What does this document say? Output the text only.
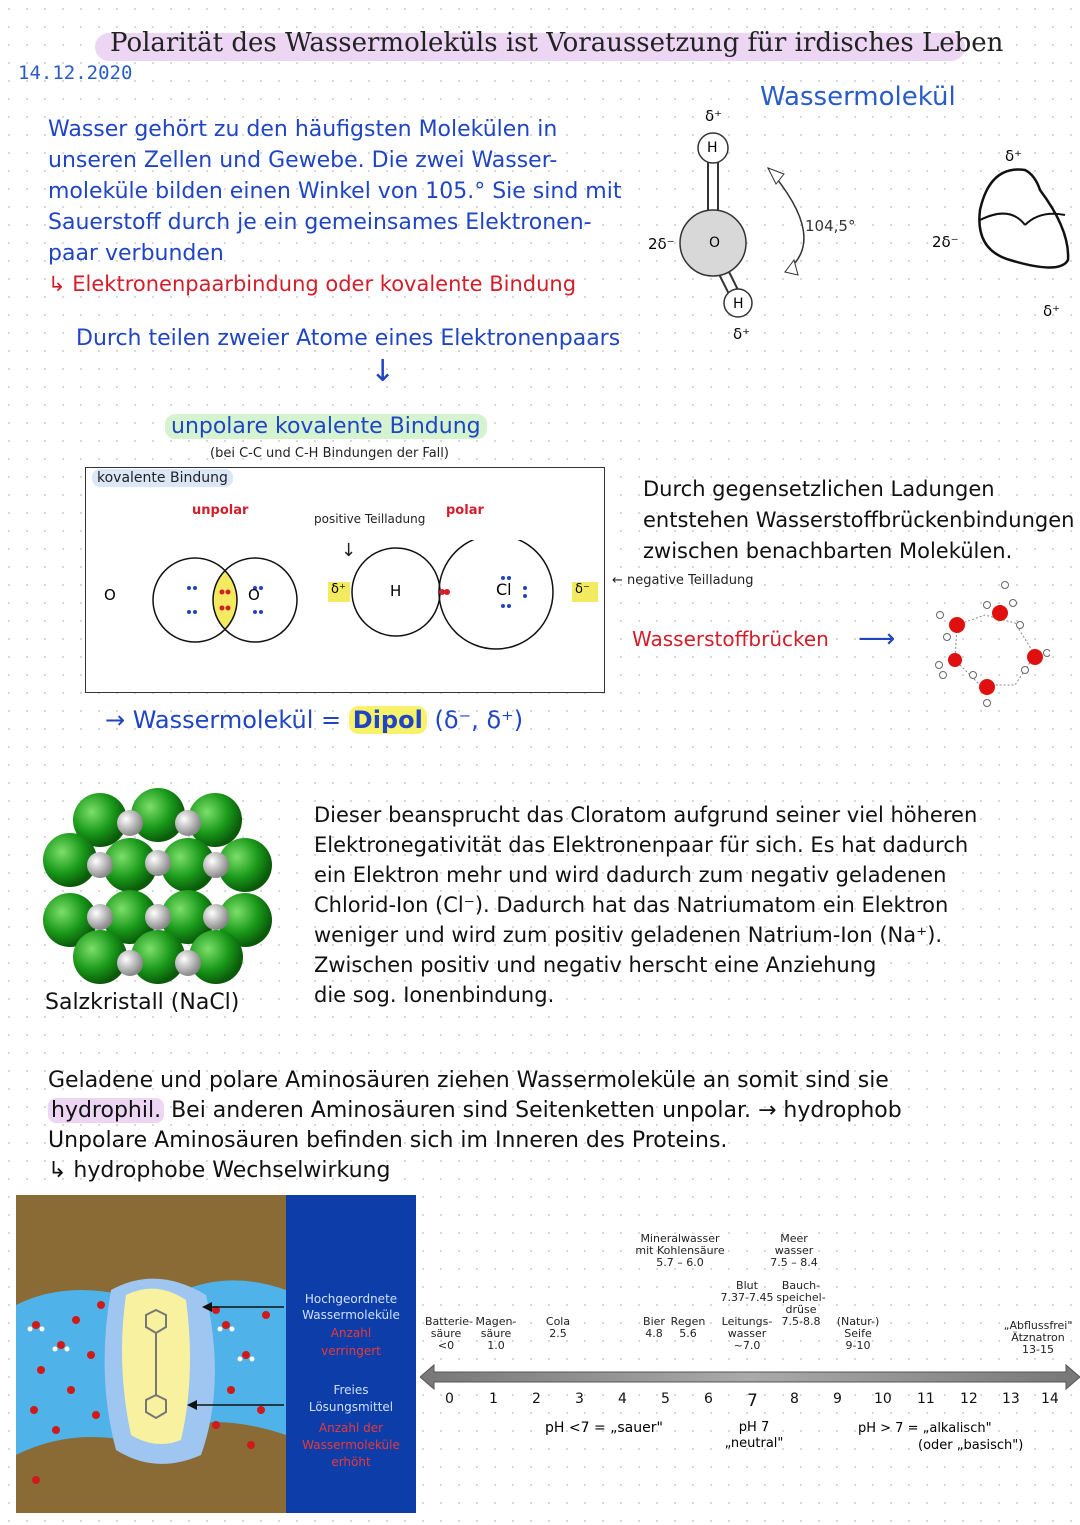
Polarität des Wassermoleküls ist Voraussetzung für irdisches Leben
14.12.2020
Wasser gehört zu den häufigsten Molekülen in
unseren Zellen und Gewebe. Die zwei Wasser-
moleküle bilden einen Winkel von 105.° Sie sind mit
Sauerstoff durch je ein gemeinsames Elektronen-
paar verbunden
↳ Elektronenpaarbindung oder kovalente Bindung
Wassermolekül
δ⁺
H
O
H
δ⁺
2δ⁻
104,5°
δ⁺
2δ⁻
δ⁺
Durch teilen zweier Atome eines Elektronenpaars
↓
unpolare kovalente Bindung
(bei C-C und C-H Bindungen der Fall)
kovalente Bindung
unpolar	polar
positive Teilladung
↓
O	O	H	Cl
δ⁺	δ⁻
← negative Teilladung
→ Wassermolekül = Dipol (δ⁻, δ⁺)
Durch gegensetzlichen Ladungen
entstehen Wasserstoffbrückenbindungen
zwischen benachbarten Molekülen.
Wasserstoffbrücken ⟶
Salzkristall (NaCl)
Dieser beansprucht das Cloratom aufgrund seiner viel höheren
Elektronegativität das Elektronenpaar für sich. Es hat dadurch
ein Elektron mehr und wird dadurch zum negativ geladenen
Chlorid-Ion (Cl⁻). Dadurch hat das Natriumatom ein Elektron
weniger und wird zum positiv geladenen Natrium-Ion (Na⁺).
Zwischen positiv und negativ herscht eine Anziehung
die sog. Ionenbindung.
Geladene und polare Aminosäuren ziehen Wassermoleküle an somit sind sie
hydrophil. Bei anderen Aminosäuren sind Seitenketten unpolar. → hydrophob
Unpolare Aminosäuren befinden sich im Inneren des Proteins.
↳ hydrophobe Wechselwirkung
Hochgeordnete
Wassermoleküle
Anzahl
verringert
Freies
Lösungsmittel
Anzahl der
Wassermoleküle
erhöht
0	1 2 3 4 5 6 7 8 9 10 11 12 13 14
Batterie-
säure
<0
Magen-
säure
1.0
Cola
2.5
Mineralwasser
mit Kohlensäure
5.7 – 6.0
Bier
4.8
Regen
5.6
Meer
wasser
7.5 – 8.4
Blut
7.37-7.45
Bauch-
speichel-
drüse
7.5-8.8
Leitungs-
wasser
~7.0
(Natur-)
Seife
9-10
„Abflussfrei"
Ätznatron
13-15
pH <7 = „sauer"	pH 7
„neutral"
pH > 7 = „alkalisch"
(oder „basisch")
